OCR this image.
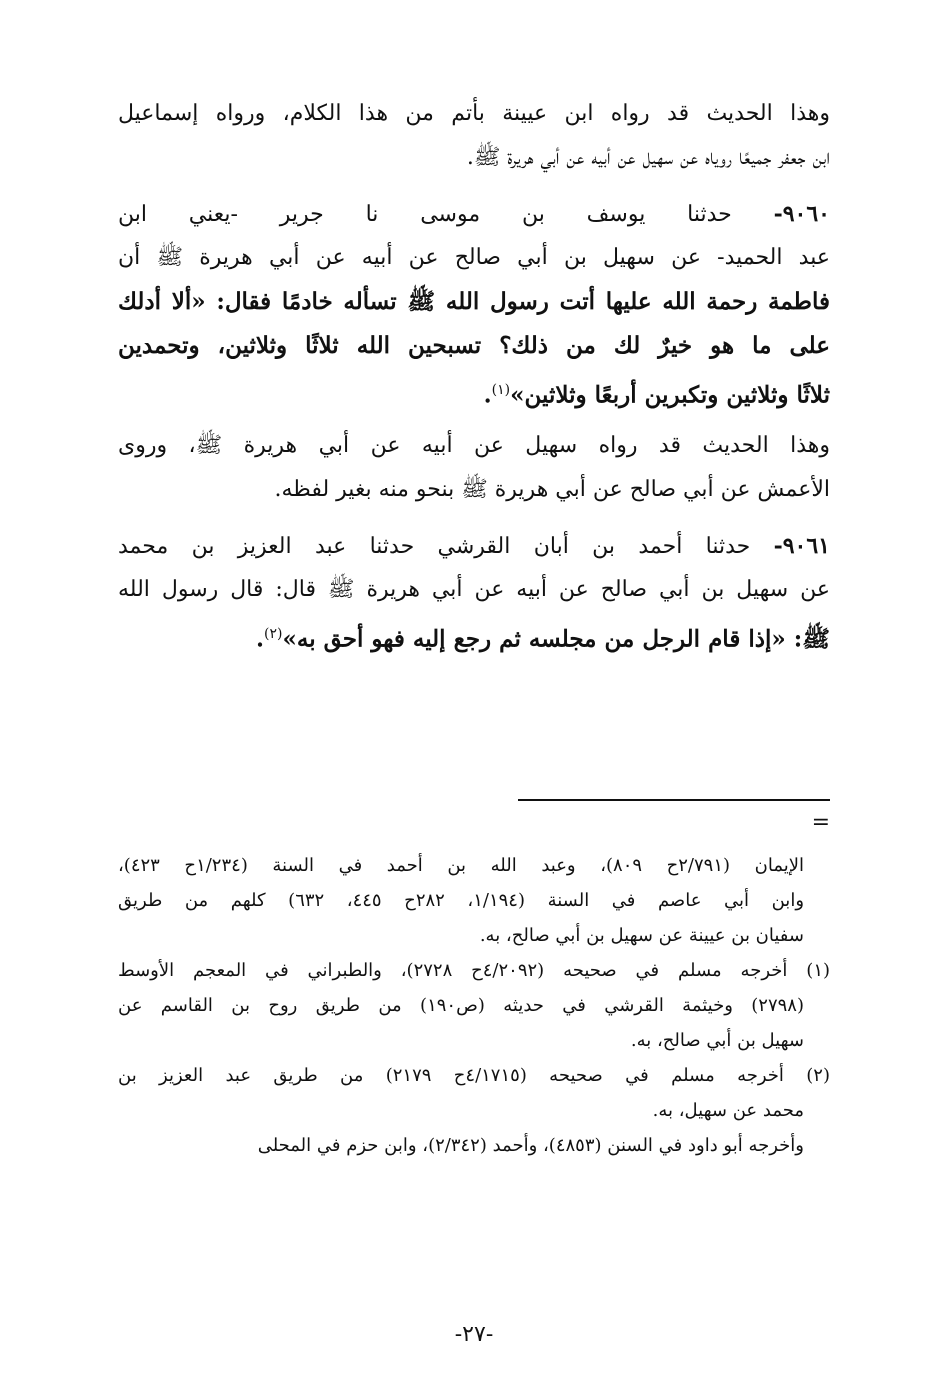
وهذا الحديث قد رواه ابن عيينة بأتم من هذا الكلام، ورواه إسماعيل
ابن جعفر جميعًا روياه عن سهيل عن أبيه عن أبي هريرة ﷺ.
٩٠٦٠- حدثنا يوسف بن موسى نا جرير -يعني ابن
عبد الحميد- عن سهيل بن أبي صالح عن أبيه عن أبي هريرة ﷺ أن
فاطمة رحمة الله عليها أتت رسول الله ﷺ تسأله خادمًا فقال: «ألا أدلك
على ما هو خيرٌ لك من ذلك؟ تسبحين الله ثلاثًا وثلاثين، وتحمدين
ثلاثًا وثلاثين وتكبرين أربعًا وثلاثين»$^{(١)}$.
وهذا الحديث قد رواه سهيل عن أبيه عن أبي هريرة ﷺ، وروى
الأعمش عن أبي صالح عن أبي هريرة ﷺ بنحو منه بغير لفظه.
٩٠٦١- حدثنا أحمد بن أبان القرشي حدثنا عبد العزيز بن محمد
عن سهيل بن أبي صالح عن أبيه عن أبي هريرة ﷺ قال: قال رسول الله
ﷺ: «إذا قام الرجل من مجلسه ثم رجع إليه فهو أحق به»$^{(٢)}$.
=
الإيمان (٢/٧٩١ح ٨٠٩)، وعبد الله بن أحمد في السنة (١/٢٣٤ح ٤٢٣)،
وابن أبي عاصم في السنة (١/١٩٤، ٢٨٢ح ٤٤٥، ٦٣٢) كلهم من طريق
سفيان بن عيينة عن سهيل بن أبي صالح، به.
(١) أخرجه مسلم في صحيحه (٤/٢٠٩٢ح ٢٧٢٨)، والطبراني في المعجم الأوسط
(٢٧٩٨) وخيثمة القرشي في حديثه (ص١٩٠) من طريق روح بن القاسم عن
سهيل بن أبي صالح، به.
(٢) أخرجه مسلم في صحيحه (٤/١٧١٥ح ٢١٧٩) من طريق عبد العزيز بن
محمد عن سهيل، به.
وأخرجه أبو داود في السنن (٤٨٥٣)، وأحمد (٢/٣٤٢)، وابن حزم في المحلى
-٢٧-
